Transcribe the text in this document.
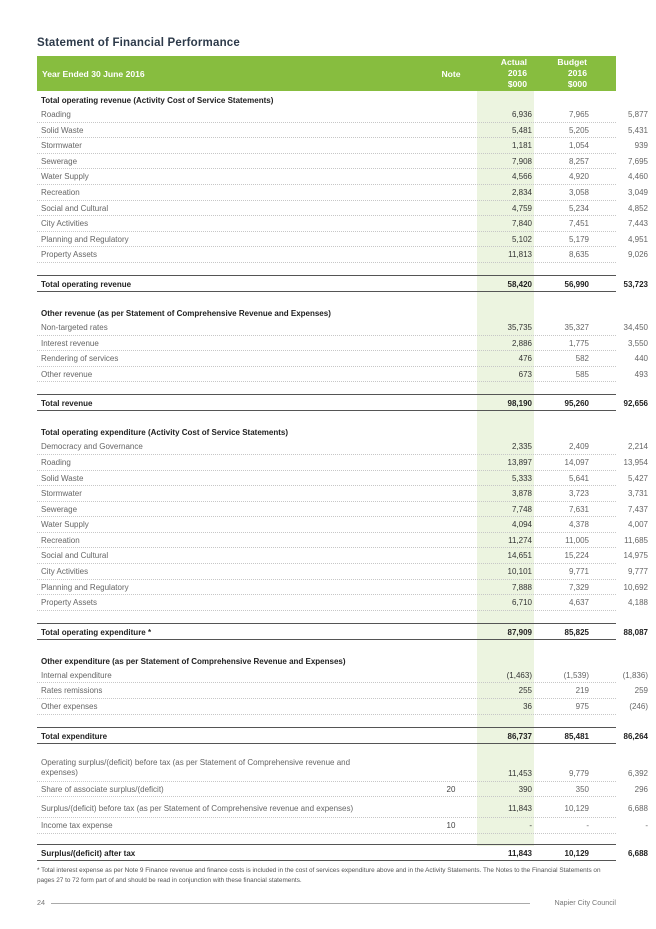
Statement of Financial Performance
Year Ended 30 June 2016	Note
Actual
2016
$000
Budget
2016
$000
Actual
2015
$000
Total operating revenue (Activity Cost of Service Statements)
Roading	6,936	7,965	5,877
Solid Waste	5,481	5,205	5,431
Stormwater	1,181	1,054	939
Sewerage	7,908	8,257	7,695
Water Supply	4,566	4,920	4,460
Recreation	2,834	3,058	3,049
Social and Cultural	4,759	5,234	4,852
City Activities	7,840	7,451	7,443
Planning and Regulatory	5,102	5,179	4,951
Property Assets	11,813	8,635	9,026
Total operating revenue	58,420	56,990	53,723
Other revenue (as per Statement of Comprehensive Revenue and Expenses)
Non-targeted rates	35,735	35,327	34,450
Interest revenue	2,886	1,775	3,550
Rendering of services	476	582	440
Other revenue	673	585	493
Total revenue	98,190	95,260	92,656
Total operating expenditure (Activity Cost of Service Statements)
Democracy and Governance	2,335	2,409	2,214
Roading	13,897	14,097	13,954
Solid Waste	5,333	5,641	5,427
Stormwater	3,878	3,723	3,731
Sewerage	7,748	7,631	7,437
Water Supply	4,094	4,378	4,007
Recreation	11,274	11,005	11,685
Social and Cultural	14,651	15,224	14,975
City Activities	10,101	9,771	9,777
Planning and Regulatory	7,888	7,329	10,692
Property Assets	6,710	4,637	4,188
Total operating expenditure *	87,909	85,825	88,087
Other expenditure (as per Statement of Comprehensive Revenue and Expenses)
Internal expenditure	(1,463)	(1,539)	(1,836)
Rates remissions	255	219	259
Other expenses	36	975	(246)
Total expenditure	86,737	85,481	86,264
Operating surplus/(deficit) before tax (as per Statement of Comprehensive revenue and expenses)	11,453	9,779	6,392
Share of associate surplus/(deficit)	20	390	350	296
Surplus/(deficit) before tax (as per Statement of Comprehensive revenue and expenses)	11,843	10,129	6,688
Income tax expense	10	-	-	-
Surplus/(deficit) after tax	11,843	10,129	6,688
* Total interest expense as per Note 9 Finance revenue and finance costs is included in the cost of services expenditure above and in the Activity Statements. The Notes to the Financial Statements on pages 27 to 72 form part of and should be read in conjunction with these financial statements.
24	Napier City Council
